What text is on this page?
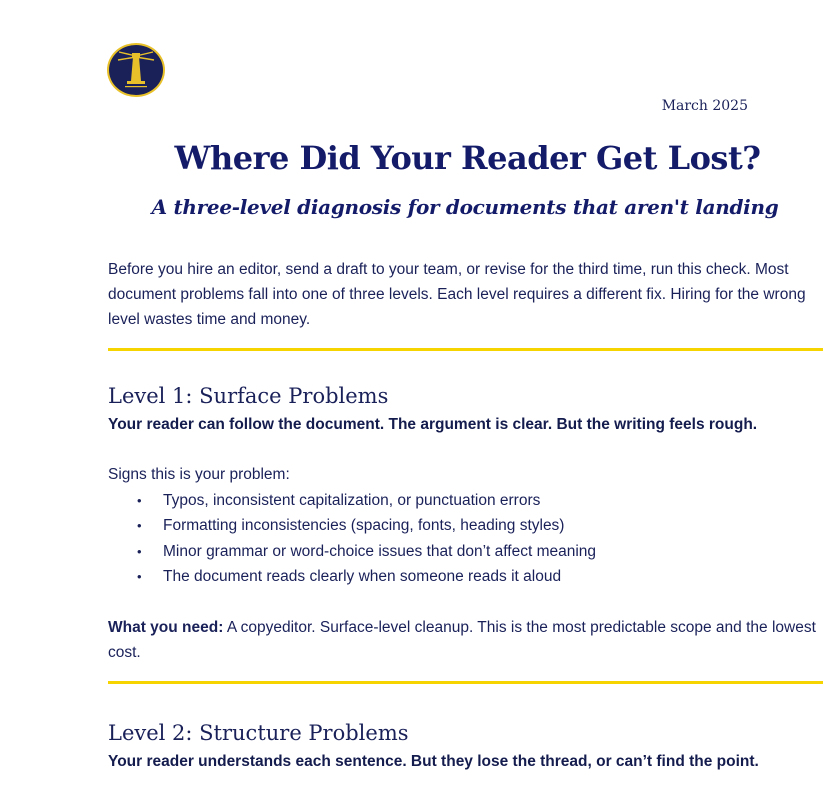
March 2025
Where Did Your Reader Get Lost?
A three-level diagnosis for documents that aren't landing

Before you hire an editor, send a draft to your team, or revise for the third time, run this check. Most document problems fall into one of three levels. Each level requires a different fix. Hiring for the wrong level wastes time and money.

Level 1: Surface Problems

Your reader can follow the document. The argument is clear. But the writing feels rough.

Signs this is your problem:

• Typos, inconsistent capitalization, or punctuation errors
• Formatting inconsistencies (spacing, fonts, heading styles)
• Minor grammar or word-choice issues that don’t affect meaning
• The document reads clearly when someone reads it aloud

What you need: A copyeditor. Surface-level cleanup. This is the most predictable scope and the lowest cost.

Level 2: Structure Problems

Your reader understands each sentence. But they lose the thread, or can’t find the point.
